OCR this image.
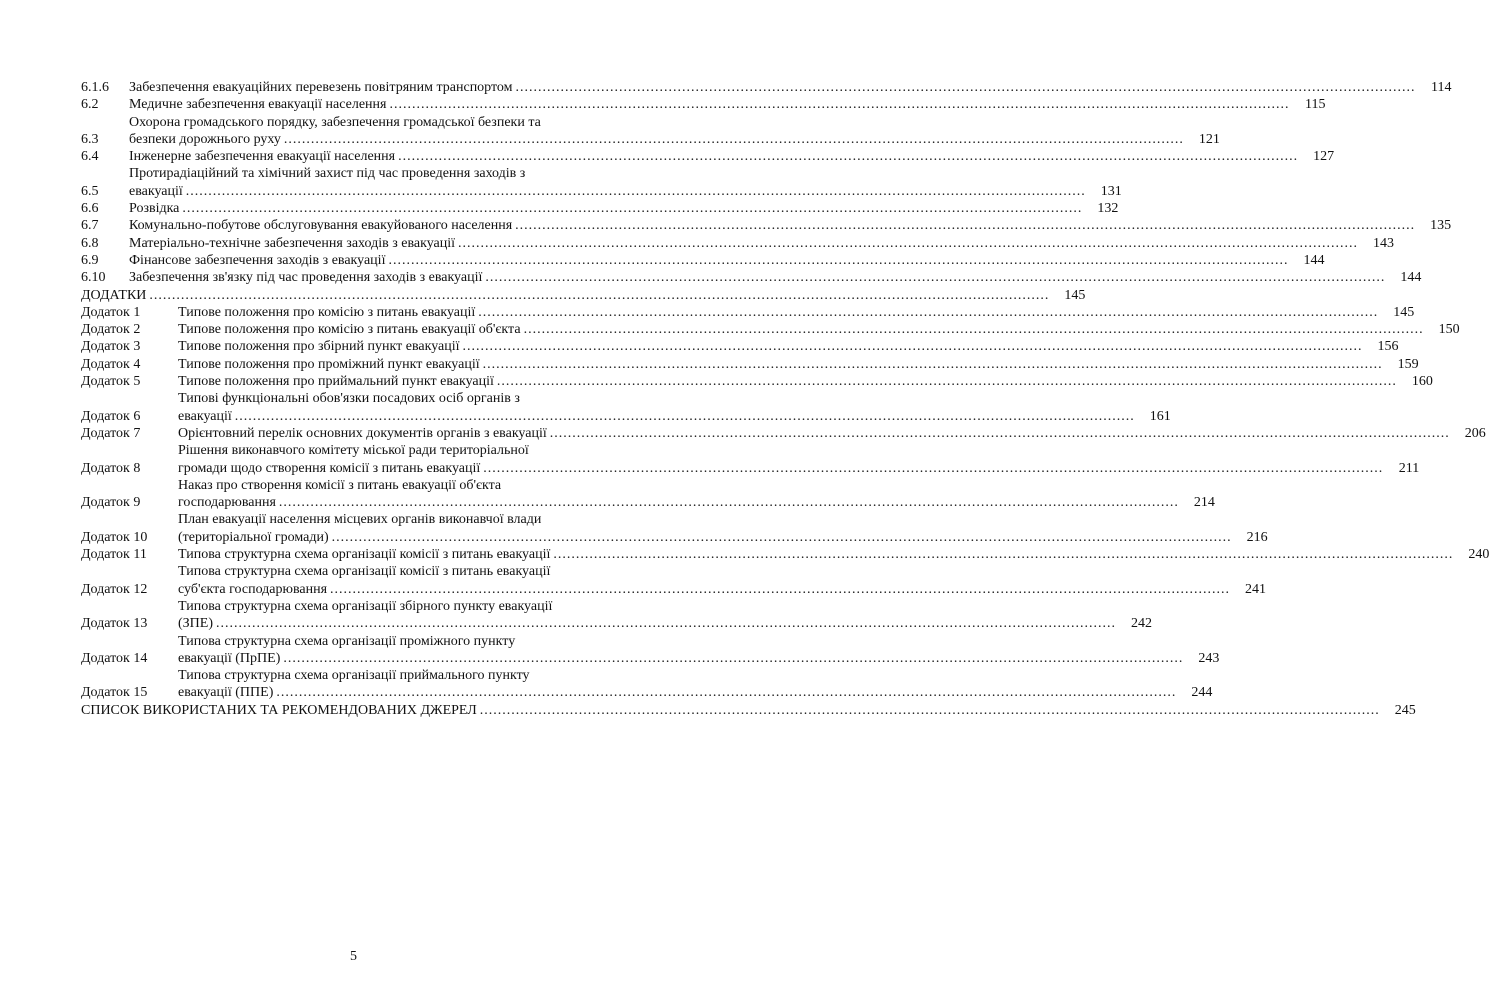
6.1.6	Забезпечення евакуаційних перевезень повітряним транспортом ........................................................................................................................................................................................................	114
6.2	Медичне забезпечення евакуації населення ........................................................................................................................................................................................................	115
6.3
Охорона громадського порядку, забезпечення громадської безпеки та
безпеки дорожнього руху ........................................................................................................................................................................................................	121
6.4	Інженерне забезпечення евакуації населення ........................................................................................................................................................................................................	127
6.5
Протирадіаційний та хімічний захист під час проведення заходів з
евакуації ........................................................................................................................................................................................................	131
6.6	Розвідка ........................................................................................................................................................................................................	132
6.7	Комунально-побутове обслуговування евакуйованого населення ........................................................................................................................................................................................................	135
6.8	Матеріально-технічне забезпечення заходів з евакуації ........................................................................................................................................................................................................	143
6.9	Фінансове забезпечення заходів з евакуації ........................................................................................................................................................................................................	144
6.10	Забезпечення зв'язку під час проведення заходів з евакуації ........................................................................................................................................................................................................	144
ДОДАТКИ ........................................................................................................................................................................................................	145
Додаток 1	Типове положення про комісію з питань евакуації ........................................................................................................................................................................................................	145
Додаток 2	Типове положення про комісію з питань евакуації об'єкта ........................................................................................................................................................................................................	150
Додаток 3	Типове положення про збірний пункт евакуації ........................................................................................................................................................................................................	156
Додаток 4	Типове положення про проміжний пункт евакуації ........................................................................................................................................................................................................	159
Додаток 5	Типове положення про приймальний пункт евакуації ........................................................................................................................................................................................................	160
Додаток 6
Типові функціональні обов'язки посадових осіб органів з
евакуації ........................................................................................................................................................................................................	161
Додаток 7	Орієнтовний перелік основних документів органів з евакуації ........................................................................................................................................................................................................	206
Додаток 8
Рішення виконавчого комітету міської ради територіальної
громади щодо створення комісії з питань евакуації ........................................................................................................................................................................................................	211
Додаток 9
Наказ про створення комісії з питань евакуації об'єкта
господарювання ........................................................................................................................................................................................................	214
Додаток 10
План евакуації населення місцевих органів виконавчої влади
(територіальної громади) ........................................................................................................................................................................................................	216
Додаток 11	Типова структурна схема організації комісії з питань евакуації ........................................................................................................................................................................................................	240
Додаток 12
Типова структурна схема організації комісії з питань евакуації
суб'єкта господарювання ........................................................................................................................................................................................................	241
Додаток 13
Типова структурна схема організації збірного пункту евакуації
(ЗПЕ) ........................................................................................................................................................................................................	242
Додаток 14
Типова структурна схема організації проміжного пункту
евакуації (ПрПЕ) ........................................................................................................................................................................................................	243
Додаток 15
Типова структурна схема організації приймального пункту
евакуації (ППЕ) ........................................................................................................................................................................................................	244
СПИСОК ВИКОРИСТАНИХ ТА РЕКОМЕНДОВАНИХ ДЖЕРЕЛ ........................................................................................................................................................................................................	245
5
